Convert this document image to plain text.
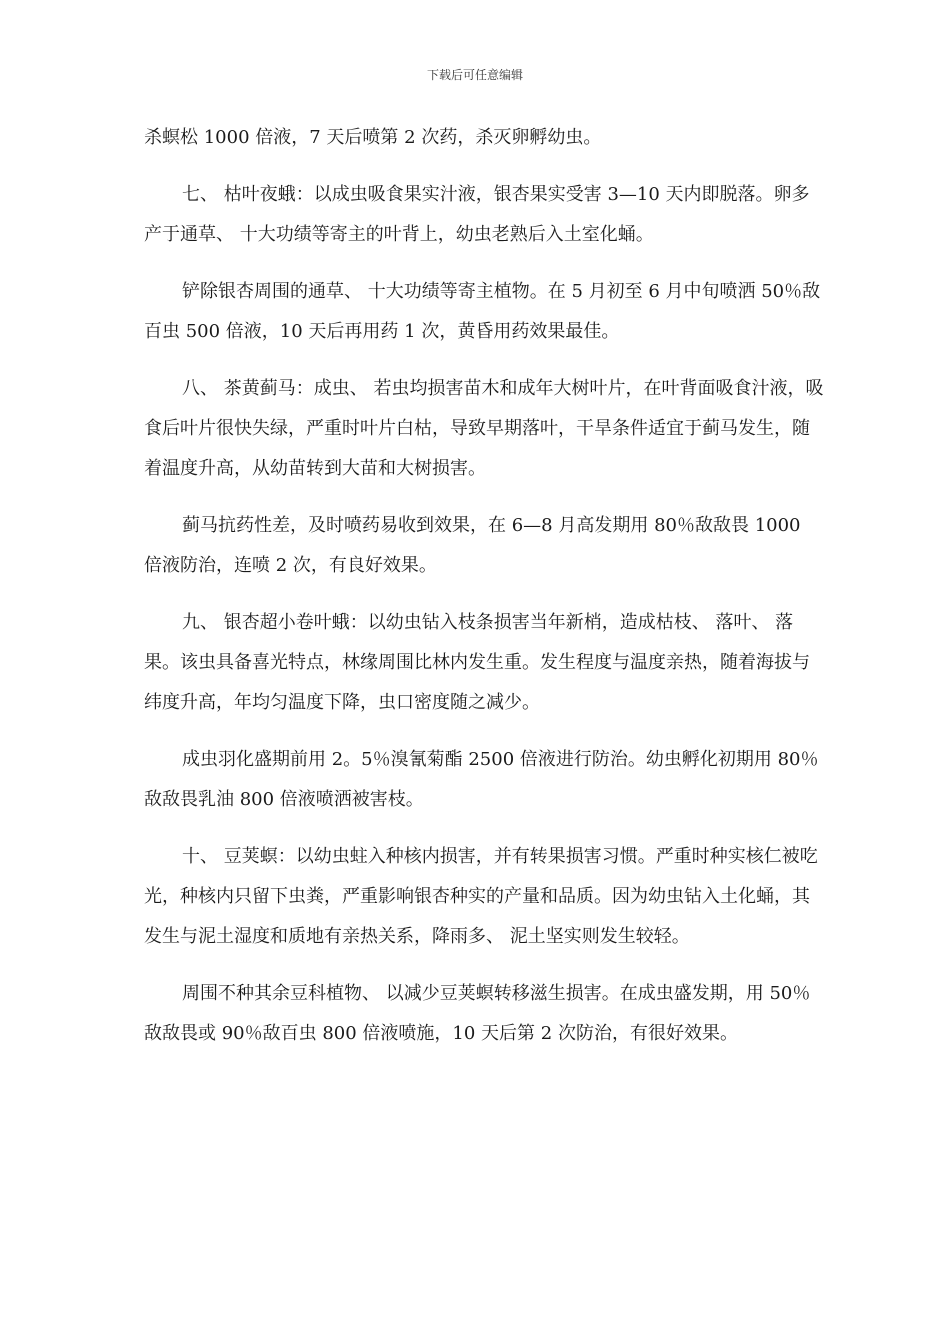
下载后可任意编辑

杀螟松 1000 倍液，7 天后喷第 2 次药，杀灭卵孵幼虫。

七、 枯叶夜蛾：以成虫吸食果实汁液，银杏果实受害 3—10 天内即脱落。卵多产于通草、 十大功绩等寄主的叶背上，幼虫老熟后入土室化蛹。

铲除银杏周围的通草、 十大功绩等寄主植物。在 5 月初至 6 月中旬喷洒 50％敌百虫 500 倍液，10 天后再用药 1 次，黄昏用药效果最佳。

八、 茶黄蓟马：成虫、 若虫均损害苗木和成年大树叶片，在叶背面吸食汁液，吸食后叶片很快失绿，严重时叶片白枯，导致早期落叶，干旱条件适宜于蓟马发生，随着温度升高，从幼苗转到大苗和大树损害。

蓟马抗药性差，及时喷药易收到效果，在 6—8 月高发期用 80％敌敌畏 1000 倍液防治，连喷 2 次，有良好效果。

九、 银杏超小卷叶蛾：以幼虫钻入枝条损害当年新梢，造成枯枝、 落叶、 落果。该虫具备喜光特点，林缘周围比林内发生重。发生程度与温度亲热，随着海拔与纬度升高，年均匀温度下降，虫口密度随之减少。

成虫羽化盛期前用 2。5％溴氰菊酯 2500 倍液进行防治。幼虫孵化初期用 80％敌敌畏乳油 800 倍液喷洒被害枝。

十、 豆荚螟：以幼虫蛀入种核内损害，并有转果损害习惯。严重时种实核仁被吃光，种核内只留下虫粪，严重影响银杏种实的产量和品质。因为幼虫钻入土化蛹，其发生与泥土湿度和质地有亲热关系，降雨多、 泥土坚实则发生较轻。

周围不种其余豆科植物、 以减少豆荚螟转移滋生损害。在成虫盛发期，用 50％敌敌畏或 90％敌百虫 800 倍液喷施，10 天后第 2 次防治，有很好效果。
